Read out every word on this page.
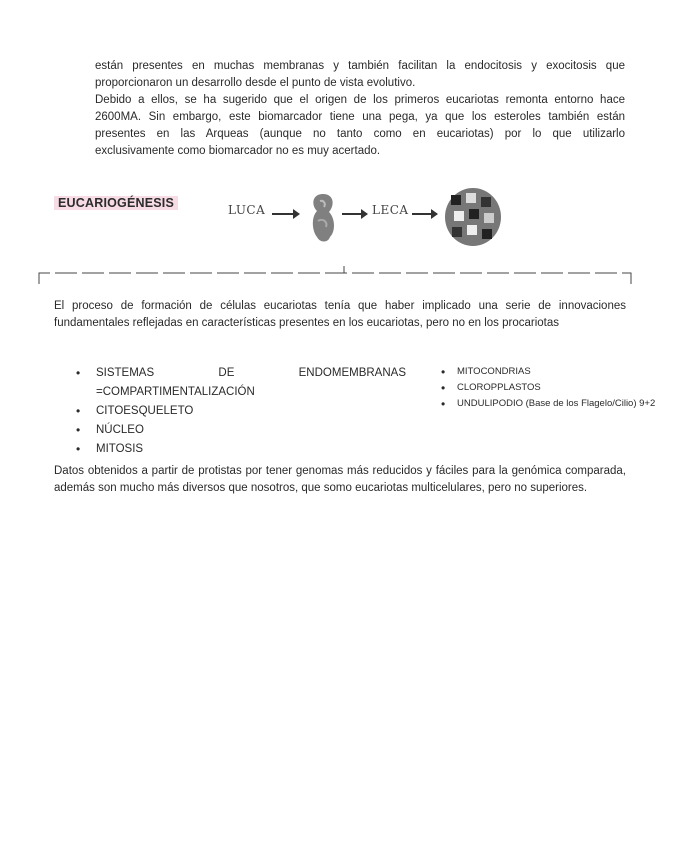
están presentes en muchas membranas y también facilitan la endocitosis y exocitosis que
proporcionaron un desarrollo desde el punto de vista evolutivo.
Debido a ellos, se ha sugerido que el origen de los primeros eucariotas remonta entorno hace
2600MA. Sin embargo, este biomarcador tiene una pega, ya que los esteroles también están
presentes en las Arqueas (aunque no tanto como en eucariotas) por lo que utilizarlo
exclusivamente como biomarcador no es muy acertado.
EUCARIOGÉNESIS	LUCA	LECA
El proceso de formación de células eucariotas tenía que haber implicado una serie de innovaciones fundamentales reflejadas en características presentes en los eucariotas, pero no en los procariotas
• SISTEMAS	DE	ENDOMEMBRANAS
=COMPARTIMENTALIZACIÓN
• CITOESQUELETO
• NÚCLEO
• MITOSIS
• MITOCONDRIAS
• CLOROPPLASTOS
• UNDULIPODIO (Base de los Flagelo/Cilio) 9+2
Datos obtenidos a partir de protistas por tener genomas más reducidos y fáciles para la genómica comparada, además son mucho más diversos que nosotros, que somo eucariotas multicelulares, pero no superiores.
